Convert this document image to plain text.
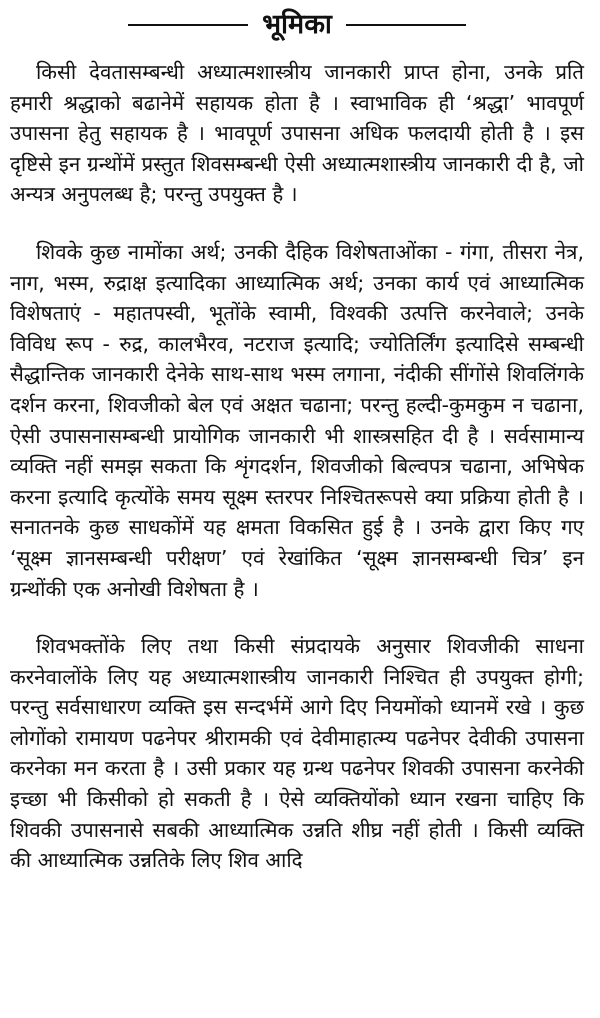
भूमिका

किसी देवतासम्बन्धी अध्यात्मशास्त्रीय जानकारी प्राप्त होना, उनके प्रति हमारी श्रद्धाको बढानेमें सहायक होता है । स्वाभाविक ही ‘श्रद्धा’ भावपूर्ण उपासना हेतु सहायक है । भावपूर्ण उपासना अधिक फलदायी होती है । इस दृष्टिसे इन ग्रन्थोंमें प्रस्तुत शिवसम्बन्धी ऐसी अध्यात्मशास्त्रीय जानकारी दी है, जो अन्यत्र अनुपलब्ध है; परन्तु उपयुक्त है ।

शिवके कुछ नामोंका अर्थ; उनकी दैहिक विशेषताओंका - गंगा, तीसरा नेत्र, नाग, भस्म, रुद्राक्ष इत्यादिका आध्यात्मिक अर्थ; उनका कार्य एवं आध्यात्मिक विशेषताएं - महातपस्वी, भूतोंके स्वामी, विश्वकी उत्पत्ति करनेवाले; उनके विविध रूप - रुद्र, कालभैरव, नटराज इत्यादि; ज्योतिर्लिंग इत्यादिसे सम्बन्धी सैद्धान्तिक जानकारी देनेके साथ-साथ भस्म लगाना, नंदीकी सींगोंसे शिवलिंगके दर्शन करना, शिवजीको बेल एवं अक्षत चढाना; परन्तु हल्दी-कुमकुम न चढाना, ऐसी उपासनासम्बन्धी प्रायोगिक जानकारी भी शास्त्रसहित दी है । सर्वसामान्य व्यक्ति नहीं समझ सकता कि शृंगदर्शन, शिवजीको बिल्वपत्र चढाना, अभिषेक करना इत्यादि कृत्योंके समय सूक्ष्म स्तरपर निश्चितरूपसे क्या प्रक्रिया होती है । सनातनके कुछ साधकोंमें यह क्षमता विकसित हुई है । उनके द्वारा किए गए ‘सूक्ष्म ज्ञानसम्बन्धी परीक्षण’ एवं रेखांकित ‘सूक्ष्म ज्ञानसम्बन्धी चित्र’ इन ग्रन्थोंकी एक अनोखी विशेषता है ।

शिवभक्तोंके लिए तथा किसी संप्रदायके अनुसार शिवजीकी साधना करनेवालोंके लिए यह अध्यात्मशास्त्रीय जानकारी निश्चित ही उपयुक्त होगी; परन्तु सर्वसाधारण व्यक्ति इस सन्दर्भमें आगे दिए नियमोंको ध्यानमें रखे । कुछ लोगोंको रामायण पढनेपर श्रीरामकी एवं देवीमाहात्म्य पढनेपर देवीकी उपासना करनेका मन करता है । उसी प्रकार यह ग्रन्थ पढनेपर शिवकी उपासना करनेकी इच्छा भी किसीको हो सकती है । ऐसे व्यक्तियोंको ध्यान रखना चाहिए कि शिवकी उपासनासे सबकी आध्यात्मिक उन्नति शीघ्र नहीं होती । किसी व्यक्ति की आध्यात्मिक उन्नतिके लिए शिव आदि
